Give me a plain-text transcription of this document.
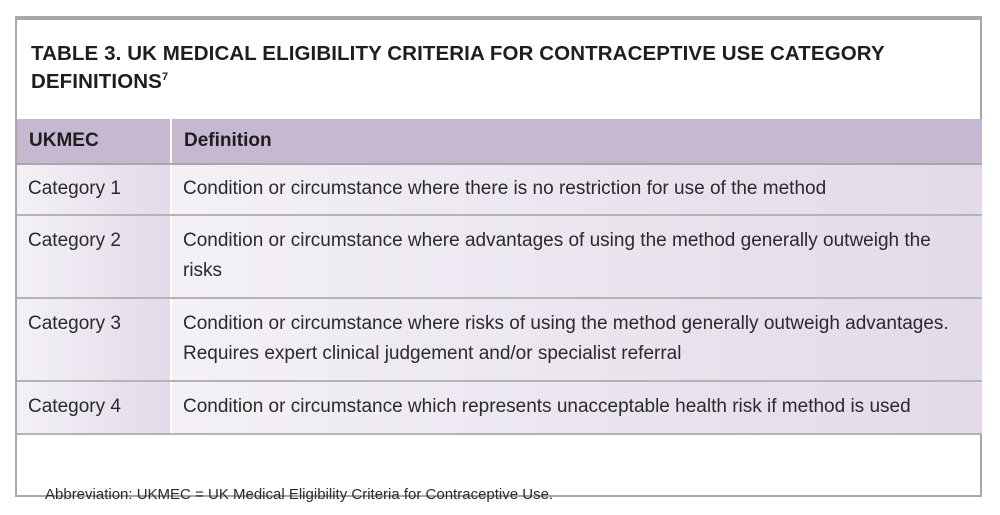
TABLE 3. UK MEDICAL ELIGIBILITY CRITERIA FOR CONTRACEPTIVE USE CATEGORY DEFINITIONS$^7$

Abbreviation: UKMEC = UK Medical Eligibility Criteria for Contraceptive Use.

UKMEC	Definition
Category 1	Condition or circumstance where there is no restriction for use of the method
Category 2	Condition or circumstance where advantages of using the method generally outweigh the risks
Category 3	Condition or circumstance where risks of using the method generally outweigh advantages. Requires expert clinical judgement and/or specialist referral
Category 4	Condition or circumstance which represents unacceptable health risk if method is used
